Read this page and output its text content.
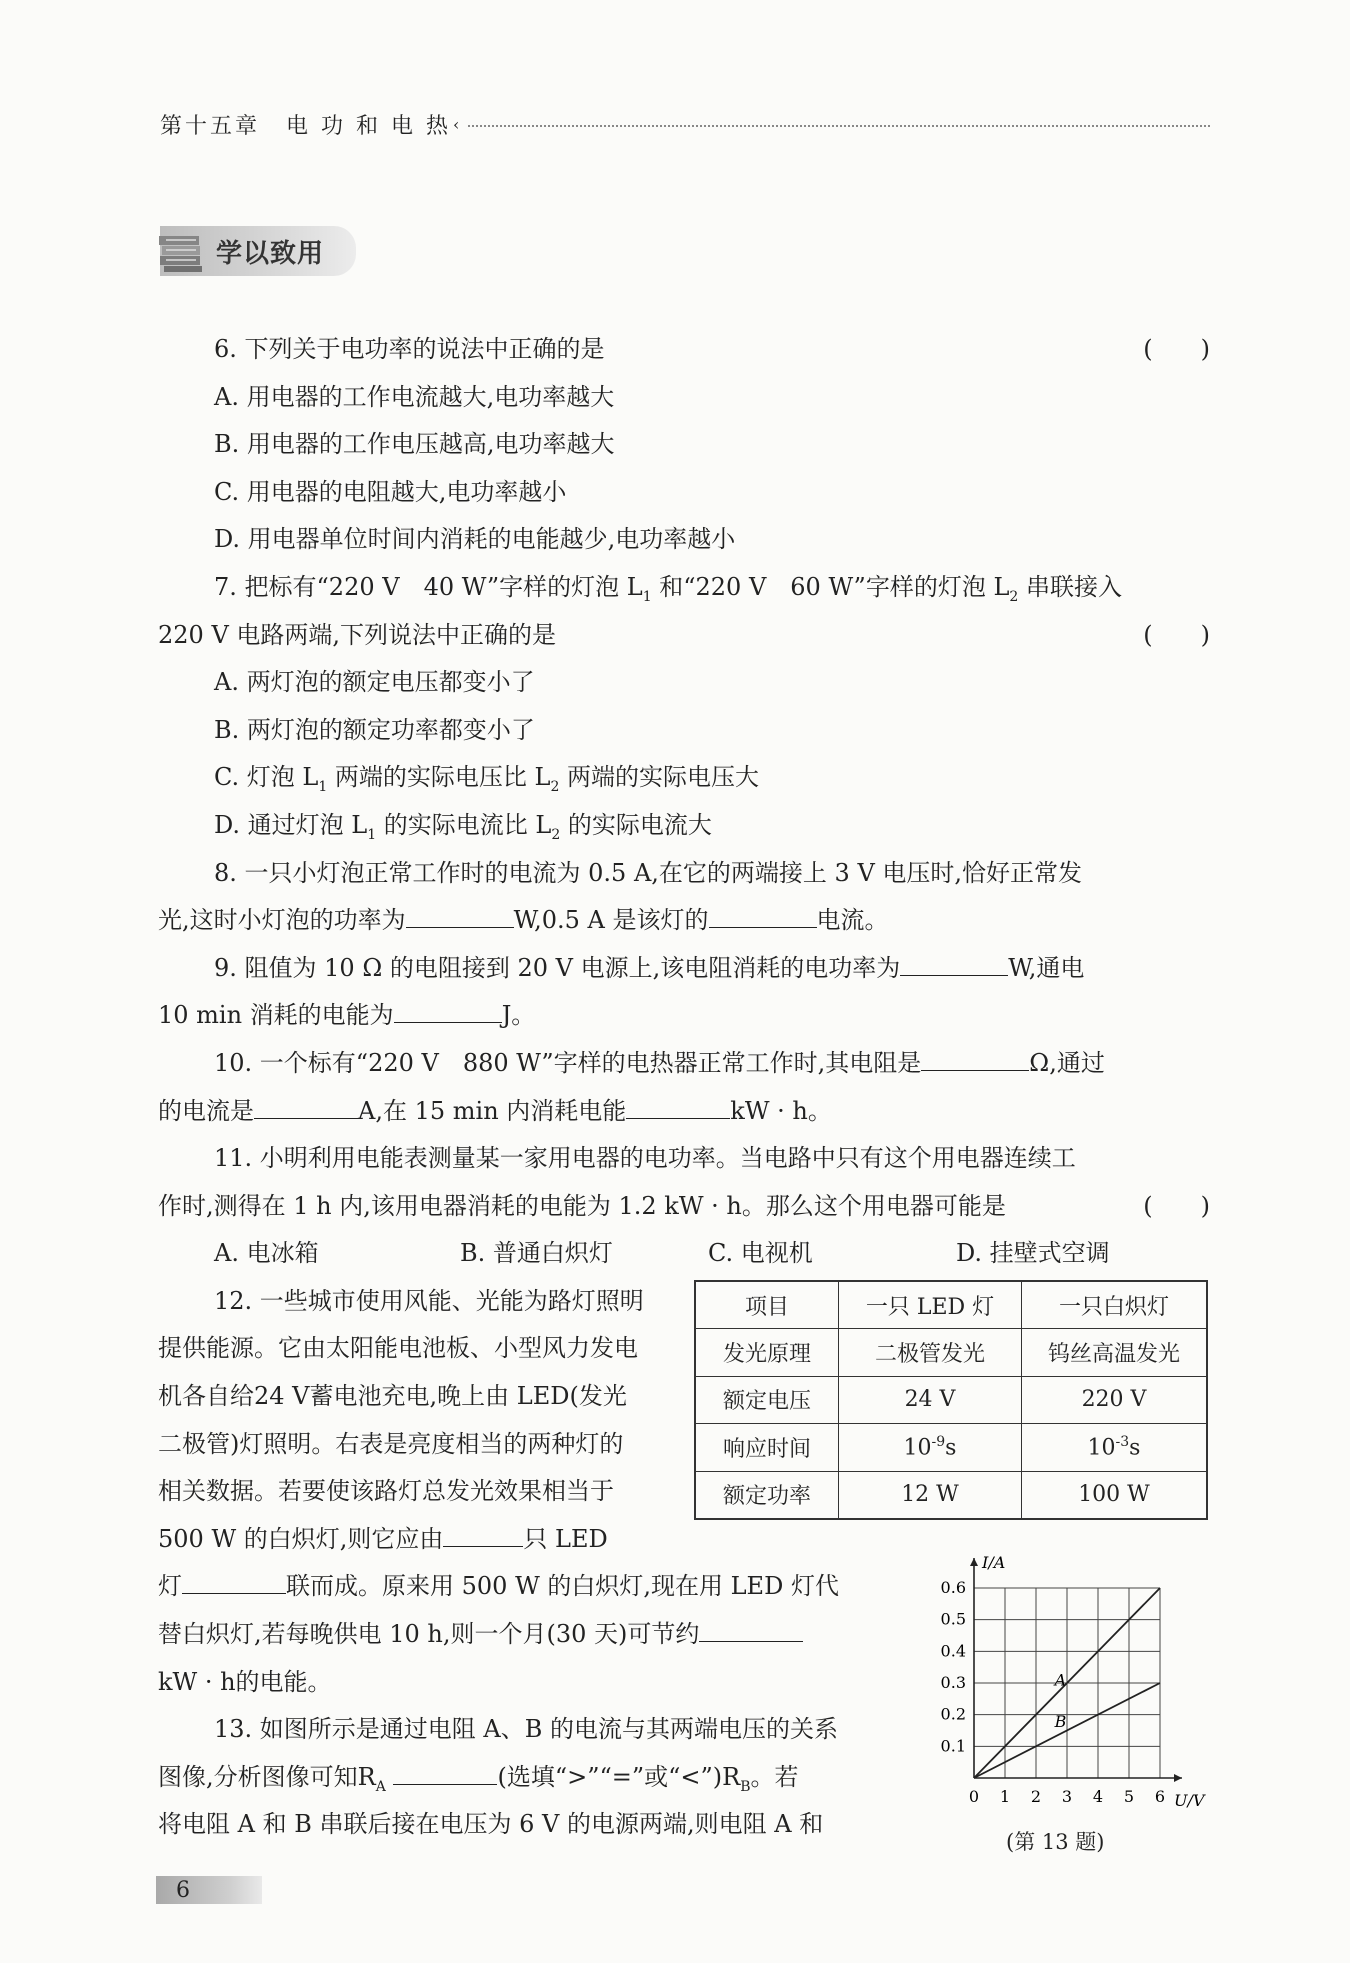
第十五章 电 功 和 电 热 ‹
学以致用
6. 下列关于电功率的说法中正确的是	(　　)
A. 用电器的工作电流越大,电功率越大
B. 用电器的工作电压越高,电功率越大
C. 用电器的电阻越大,电功率越小
D. 用电器单位时间内消耗的电能越少,电功率越小
7. 把标有“220 V　40 W”字样的灯泡 $L_1$ 和“220 V　60 W”字样的灯泡 $L_2$ 串联接入
220 V 电路两端,下列说法中正确的是	(　　)
A. 两灯泡的额定电压都变小了
B. 两灯泡的额定功率都变小了
C. 灯泡 $L_1$ 两端的实际电压比 $L_2$ 两端的实际电压大
D. 通过灯泡 $L_1$ 的实际电流比 $L_2$ 的实际电流大
8. 一只小灯泡正常工作时的电流为 0.5 A,在它的两端接上 3 V 电压时,恰好正常发
光,这时小灯泡的功率为	W,0.5 A 是该灯的	电流。
9. 阻值为 10 Ω 的电阻接到 20 V 电源上,该电阻消耗的电功率为	W,通电
10 min 消耗的电能为	J。
10. 一个标有“220 V　880 W”字样的电热器正常工作时,其电阻是	Ω,通过
的电流是	A,在 15 min 内消耗电能	kW · h。
11. 小明利用电能表测量某一家用电器的电功率。当电路中只有这个用电器连续工
作时,测得在 1 h 内,该用电器消耗的电能为 1.2 kW · h。那么这个用电器可能是	(　　)
A. 电冰箱	B. 普通白炽灯	C. 电视机	D. 挂壁式空调
12. 一些城市使用风能、光能为路灯照明
提供能源。它由太阳能电池板、小型风力发电
机各自给24 V蓄电池充电,晚上由 LED(发光
二极管)灯照明。右表是亮度相当的两种灯的
相关数据。若要使该路灯总发光效果相当于
500 W 的白炽灯,则它应由	只 LED
灯	联而成。原来用 500 W 的白炽灯,现在用 LED 灯代
替白炽灯,若每晚供电 10 h,则一个月(30 天)可节约
kW · h的电能。
13. 如图所示是通过电阻 A、B 的电流与其两端电压的关系
图像,分析图像可知$R_A$	(选填“>”“=”或“$<”)R_B$。若
将电阻 A 和 B 串联后接在电压为 6 V 的电源两端,则电阻 A 和
项目	一只 LED 灯	一只白炽灯
发光原理	二极管发光	钨丝高温发光
额定电压	24 V	220 V
响应时间	$10^{-9}s$	$10^{-3}s$
额定功率	12 W	100 W
0 1 2 3 4 5 6
0.1
0.2
0.3
0.4
0.5
0.6
U/V
I/A
A
B
(第 13 题)
6
